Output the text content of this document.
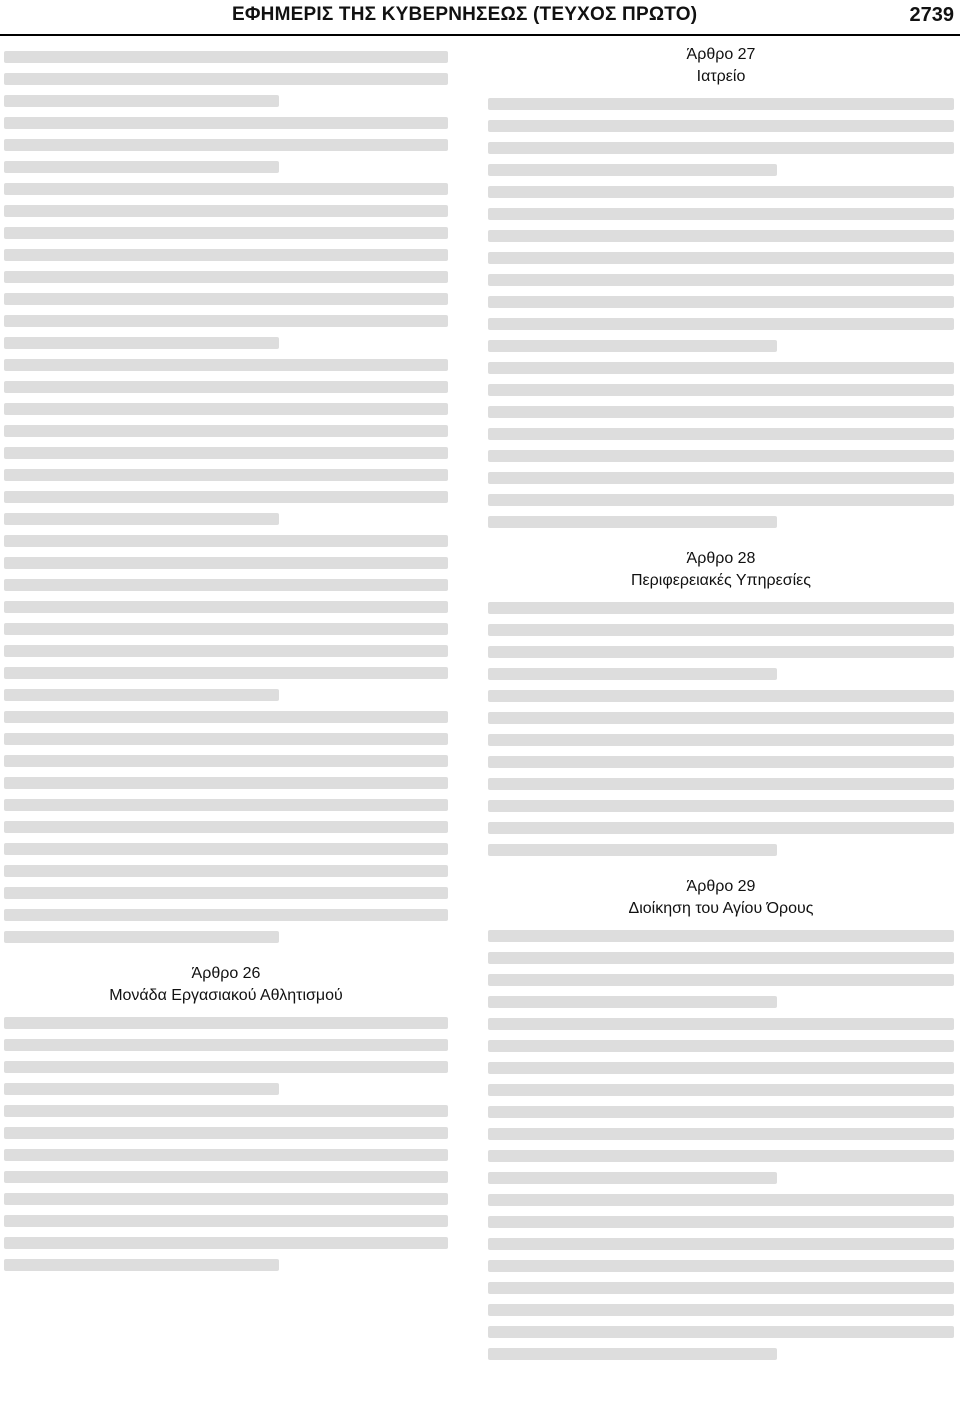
ΕΦΗΜΕΡΙΣ ΤΗΣ ΚΥΒΕΡΝΗΣΕΩΣ (ΤΕΥΧΟΣ ΠΡΩΤΟ)	2739
Άρθρο 26
Μονάδα Εργασιακού Αθλητισμού
Άρθρο 27
Ιατρείο
Άρθρο 28
Περιφερειακές Υπηρεσίες
Άρθρο 29
Διοίκηση του Αγίου Όρους
